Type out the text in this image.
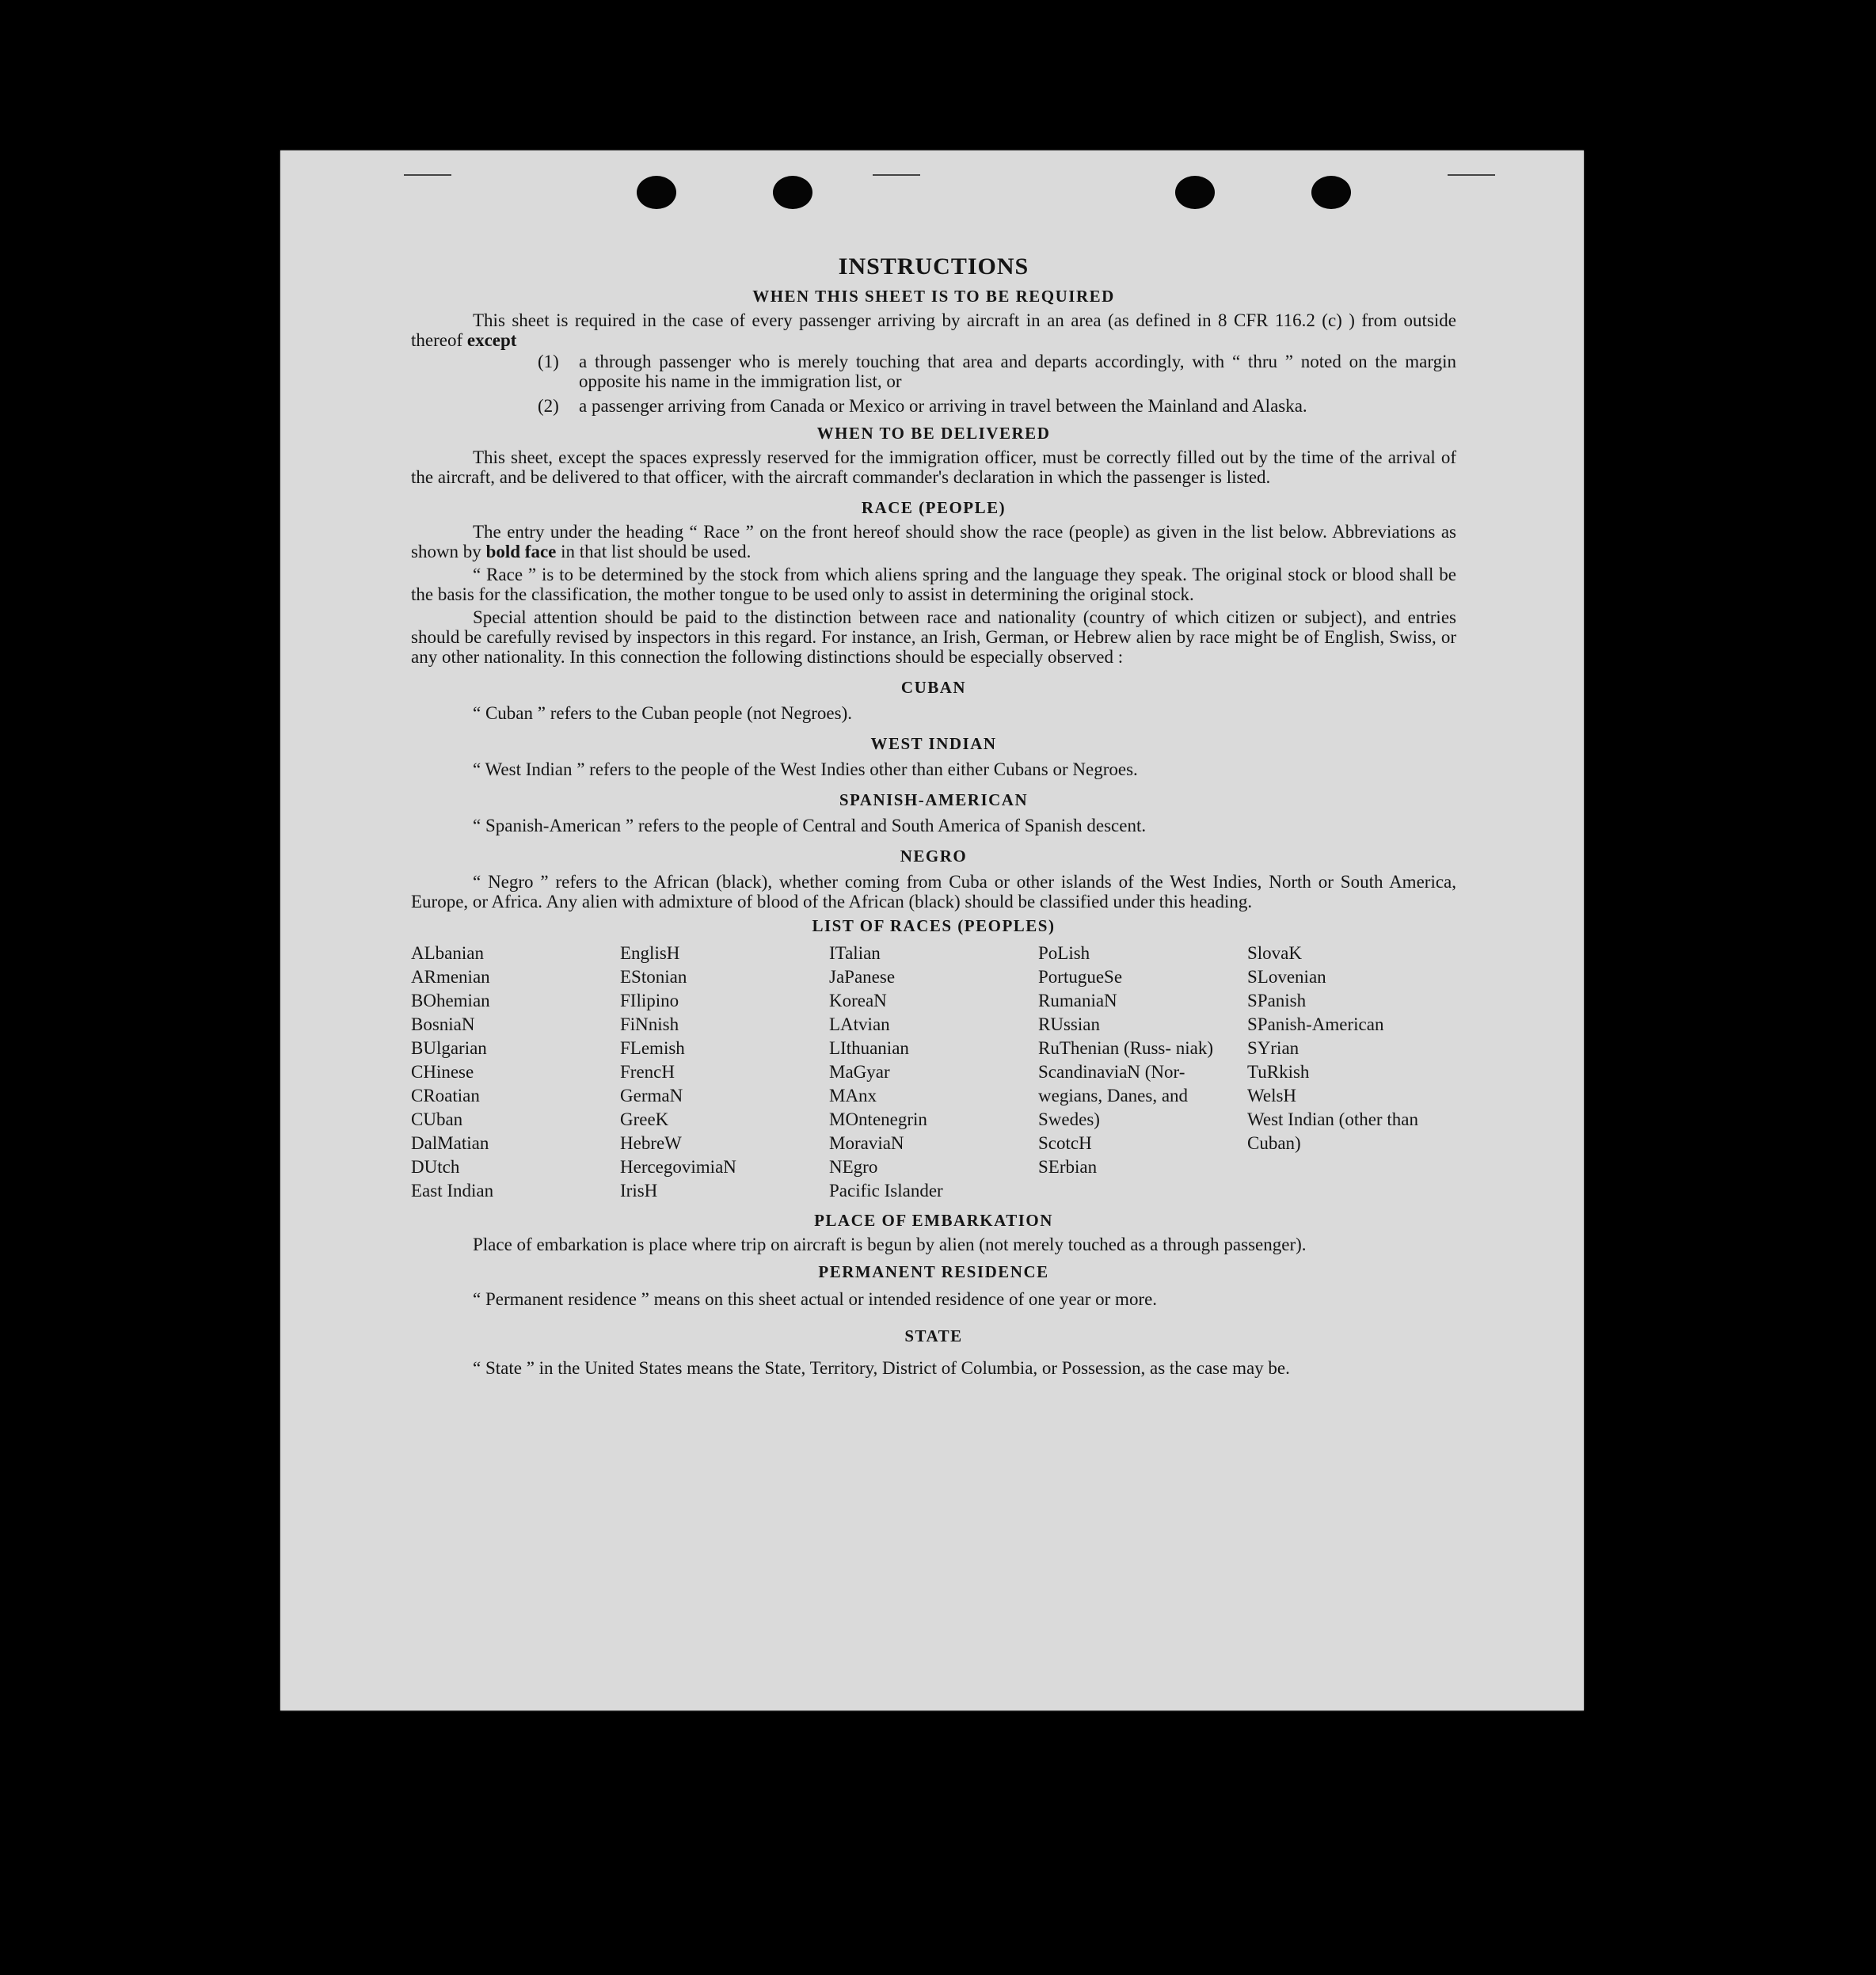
INSTRUCTIONS
WHEN THIS SHEET IS TO BE REQUIRED

This sheet is required in the case of every passenger arriving by aircraft in an area (as defined in 8 CFR 116.2 (c) ) from outside thereof except

(1)	a through passenger who is merely touching that area and departs accordingly, with “ thru ” noted on the margin opposite his name in the immigration list, or
(2)	a passenger arriving from Canada or Mexico or arriving in travel between the Mainland and Alaska.
WHEN TO BE DELIVERED

This sheet, except the spaces expressly reserved for the immigration officer, must be correctly filled out by the time of the arrival of the aircraft, and be delivered to that officer, with the aircraft commander's declaration in which the passenger is listed.

RACE (PEOPLE)

The entry under the heading “ Race ” on the front hereof should show the race (people) as given in the list below. Abbreviations as shown by bold face in that list should be used.

“ Race ” is to be determined by the stock from which aliens spring and the language they speak. The original stock or blood shall be the basis for the classification, the mother tongue to be used only to assist in determining the original stock.

Special attention should be paid to the distinction between race and nationality (country of which citizen or subject), and entries should be carefully revised by inspectors in this regard. For instance, an Irish, German, or Hebrew alien by race might be of English, Swiss, or any other nationality. In this connection the following distinctions should be especially observed :

CUBAN

“ Cuban ” refers to the Cuban people (not Negroes).

WEST INDIAN

“ West Indian ” refers to the people of the West Indies other than either Cubans or Negroes.

SPANISH-AMERICAN

“ Spanish-American ” refers to the people of Central and South America of Spanish descent.

NEGRO

“ Negro ” refers to the African (black), whether coming from Cuba or other islands of the West Indies, North or South America, Europe, or Africa. Any alien with admixture of blood of the African (black) should be classified under this heading.

LIST OF RACES (PEOPLES)
ALbanian
ARmenian
BOhemian
BosniaN
BUlgarian
CHinese
CRoatian
CUban
DalMatian
DUtch
East Indian
EnglisH
EStonian
FIlipino
FiNnish
FLemish
FrencH
GermaN
GreeK
HebreW
HercegovimiaN
IrisH
ITalian
JaPanese
KoreaN
LAtvian
LIthuanian
MaGyar
MAnx
MOntenegrin
MoraviaN
NEgro
Pacific Islander
PoLish
PortugueSe
RumaniaN
RUssian
RuThenian (Russ- niak)
ScandinaviaN (Nor- wegians, Danes, and Swedes)
ScotcH
SErbian
SlovaK
SLovenian
SPanish
SPanish-American
SYrian
TuRkish
WelsH
West Indian (other than Cuban)
PLACE OF EMBARKATION

Place of embarkation is place where trip on aircraft is begun by alien (not merely touched as a through passenger).

PERMANENT RESIDENCE

“ Permanent residence ” means on this sheet actual or intended residence of one year or more.

STATE

“ State ” in the United States means the State, Territory, District of Columbia, or Possession, as the case may be.
